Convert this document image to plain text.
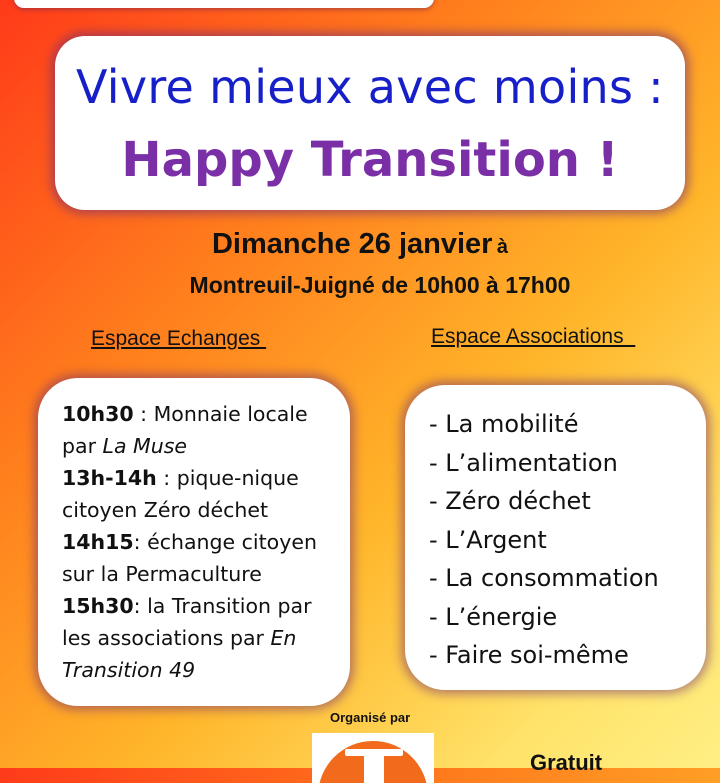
Vivre mieux avec moins :
Happy Transition !
Dimanche 26 janvier à
Montreuil-Juigné de 10h00 à 17h00
Espace Echanges	Espace Associations
10h30 : Monnaie locale par La Muse
13h-14h : pique-nique citoyen Zéro déchet
14h15: échange citoyen sur la Permaculture
15h30: la Transition par les associations par En Transition 49
- La mobilité
- L’alimentation
- Zéro déchet
- L’Argent
- La consommation
- L’énergie
- Faire soi-même
Organisé par
Gratuit
